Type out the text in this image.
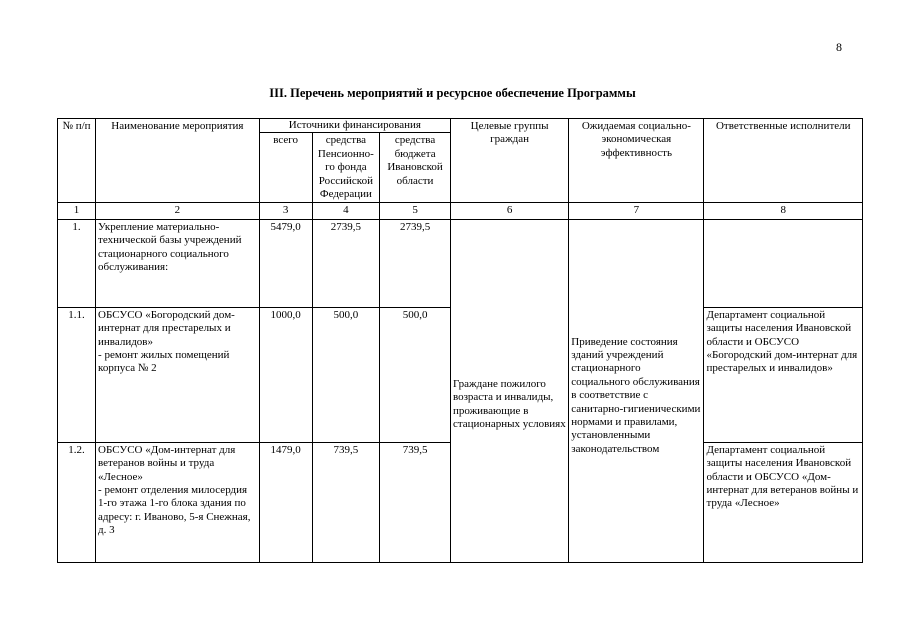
8
III. Перечень мероприятий и ресурсное обеспечение Программы
№ п/п	Наименование мероприятия	Источники финансирования			Целевые группы граждан	Ожидаемая социально-экономическая эффективность	Ответственные исполнители
		всего	средства Пенсионно-го фонда Российской Федерации	средства бюджета Ивановской области			
1	2	3	4	5	6	7	8
1.	Укрепление материально-технической базы учреждений стационарного социального обслуживания:	5479,0	2739,5	2739,5	Граждане пожилого возраста и инвалиды, проживающие в стационарных условиях	Приведение состояния зданий учреждений стационарного социального обслуживания в соответствие с санитарно-гигиеническими нормами и правилами, установленными законодательством	

1.1.	ОБСУСО «Богородский дом-интернат для престарелых и инвалидов»
- ремонт жилых помещений корпуса № 2	1000,0	500,0	500,0			Департамент социальной защиты населения Ивановской области и ОБСУСО «Богородский дом-интернат для престарелых и инвалидов»
1.2.	ОБСУСО «Дом-интернат для ветеранов войны и труда «Лесное»
- ремонт отделения милосердия 1-го этажа 1-го блока здания по адресу: г. Иваново, 5-я Снежная, д. 3	1479,0	739,5	739,5			Департамент социальной защиты населения Ивановской области и ОБСУСО «Дом-интернат для ветеранов войны и труда «Лесное»
